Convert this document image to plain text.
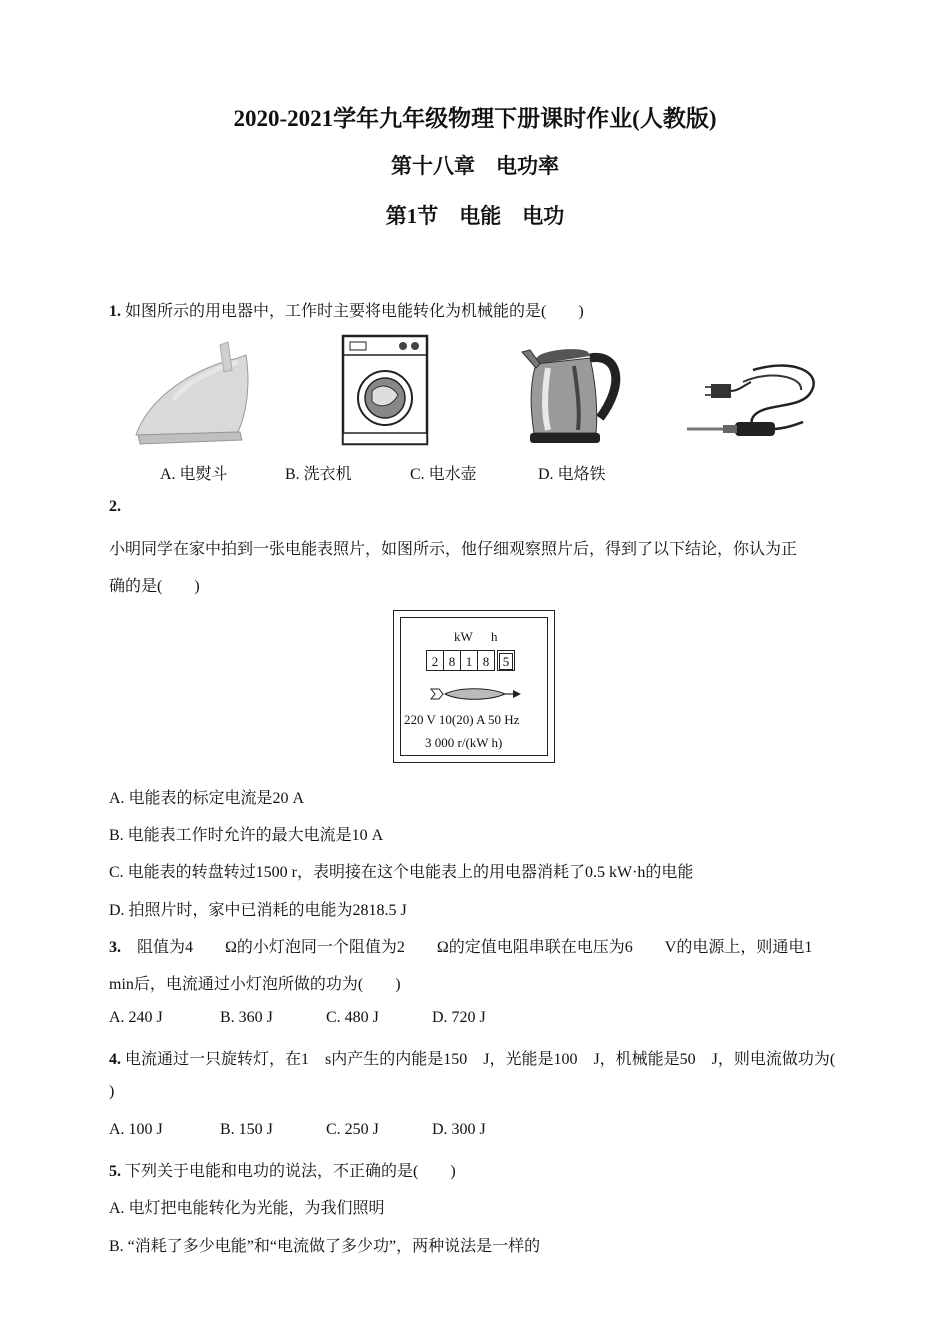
2020-2021学年九年级物理下册课时作业(人教版)
第十八章　电功率
第1节　电能　电功
1. 如图所示的用电器中，工作时主要将电能转化为机械能的是(　　)
A. 电熨斗	B. 洗衣机	C. 电水壶	D. 电烙铁
2.
小明同学在家中拍到一张电能表照片，如图所示，他仔细观察照片后，得到了以下结论，你认为正
确的是(　　)
kW h
2 8 1 8	5
220 V 10(20) A 50 Hz
3 000 r/(kW h)
A. 电能表的标定电流是20 A
B. 电能表工作时允许的最大电流是10 A
C. 电能表的转盘转过1500 r，表明接在这个电能表上的用电器消耗了0.5 kW·h的电能
D. 拍照片时，家中已消耗的电能为2818.5 J
3.　阻值为4　　Ω的小灯泡同一个阻值为2　　Ω的定值电阻串联在电压为6　　V的电源上，则通电1
min后，电流通过小灯泡所做的功为(　　)
A. 240 J	B. 360 J	C. 480 J	D. 720 J
4. 电流通过一只旋转灯，在1　s内产生的内能是150　J，光能是100　J，机械能是50　J，则电流做功为(
)
A. 100 J	B. 150 J	C. 250 J	D. 300 J
5. 下列关于电能和电功的说法，不正确的是(　　)
A. 电灯把电能转化为光能，为我们照明
B. “消耗了多少电能”和“电流做了多少功”，两种说法是一样的
